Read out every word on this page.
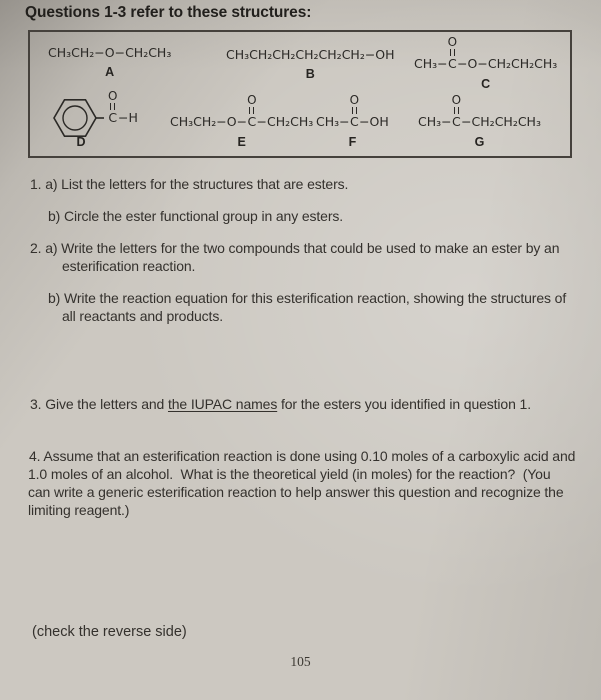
Questions 1-3 refer to these structures:
CH₃CH₂−O−CH₂CH₃
A
CH₃CH₂CH₂CH₂CH₂CH₂−OH
B
CH₃−
O
C −O−CH₂CH₂CH₃
C
O
C −H
D
CH₃CH₂−O−
O
C −CH₂CH₃
E
CH₃−
O
C −OH
F
CH₃−
O
C −CH₂CH₂CH₃
G
1. a) List the letters for the structures that are esters.
b) Circle the ester functional group in any esters.
2. a) Write the letters for the two compounds that could be used to make an ester by an
esterification reaction.
b) Write the reaction equation for this esterification reaction, showing the structures of
all reactants and products.
3. Give the letters and the IUPAC names for the esters you identified in question 1.
4. Assume that an esterification reaction is done using 0.10 moles of a carboxylic acid and
1.0 moles of an alcohol.  What is the theoretical yield (in moles) for the reaction?  (You
can write a generic esterification reaction to help answer this question and recognize the
limiting reagent.)
(check the reverse side)
105
